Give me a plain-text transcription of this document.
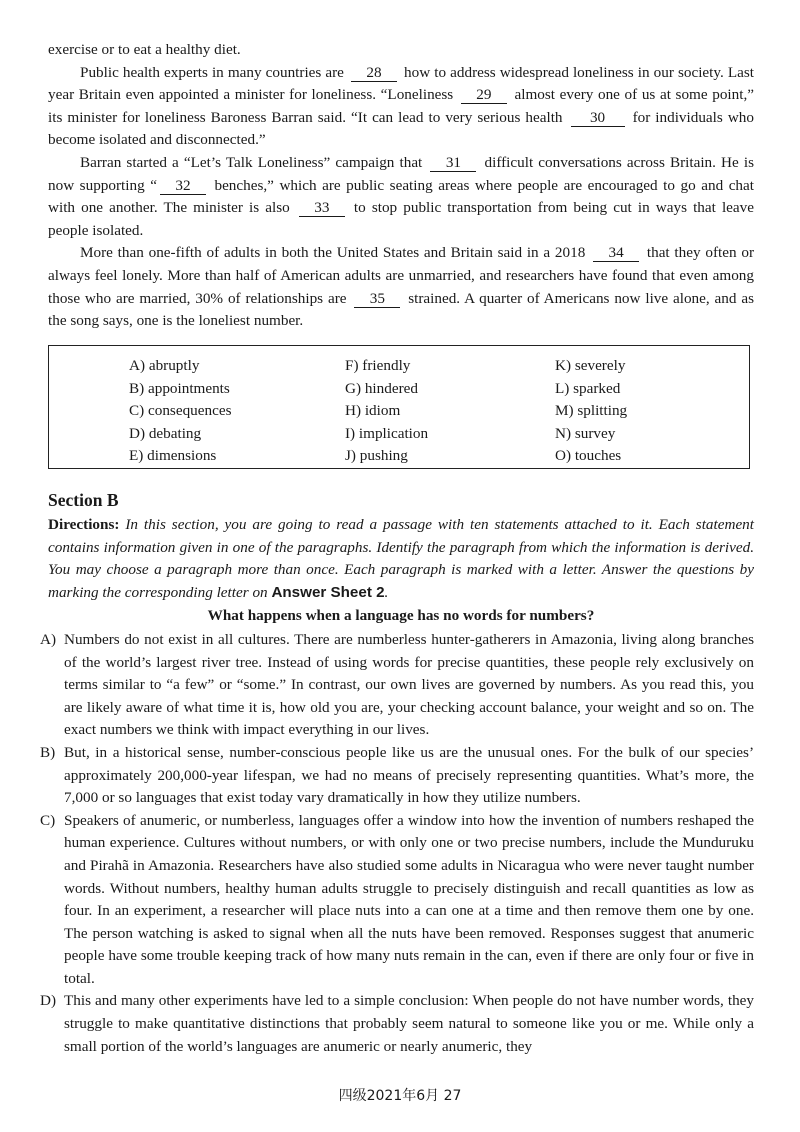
exercise or to eat a healthy diet.

Public health experts in many countries are 28 how to address widespread loneliness in our society. Last year Britain even appointed a minister for loneliness. “Loneliness 29 almost every one of us at some point,” its minister for loneliness Baroness Barran said. “It can lead to very serious health 30 for individuals who become isolated and disconnected.”

Barran started a “Let’s Talk Loneliness” campaign that 31 difficult conversations across Britain. He is now supporting “ 32 benches,” which are public seating areas where people are encouraged to go and chat with one another. The minister is also 33 to stop public transportation from being cut in ways that leave people isolated.

More than one-fifth of adults in both the United States and Britain said in a 2018 34 that they often or always feel lonely. More than half of American adults are unmarried, and researchers have found that even among those who are married, 30% of relationships are 35 strained. A quarter of Americans now live alone, and as the song says, one is the loneliest number.

A) abruptly
B) appointments
C) consequences
D) debating
E) dimensions
F) friendly
G) hindered
H) idiom
I) implication
J) pushing
K) severely
L) sparked
M) splitting
N) survey
O) touches
Section B
Directions: In this section, you are going to read a passage with ten statements attached to it. Each statement contains information given in one of the paragraphs. Identify the paragraph from which the information is derived. You may choose a paragraph more than once. Each paragraph is marked with a letter. Answer the questions by marking the corresponding letter on Answer Sheet 2.
What happens when a language has no words for numbers?
A) Numbers do not exist in all cultures. There are numberless hunter-gatherers in Amazonia, living along branches of the world’s largest river tree. Instead of using words for precise quantities, these people rely exclusively on terms similar to “a few” or “some.” In contrast, our own lives are governed by numbers. As you read this, you are likely aware of what time it is, how old you are, your checking account balance, your weight and so on. The exact numbers we think with impact everything in our lives.
B) But, in a historical sense, number-conscious people like us are the unusual ones. For the bulk of our species’ approximately 200,000-year lifespan, we had no means of precisely representing quantities. What’s more, the 7,000 or so languages that exist today vary dramatically in how they utilize numbers.
C) Speakers of anumeric, or numberless, languages offer a window into how the invention of numbers reshaped the human experience. Cultures without numbers, or with only one or two precise numbers, include the Munduruku and Pirahã in Amazonia. Researchers have also studied some adults in Nicaragua who were never taught number words. Without numbers, healthy human adults struggle to precisely distinguish and recall quantities as low as four. In an experiment, a researcher will place nuts into a can one at a time and then remove them one by one. The person watching is asked to signal when all the nuts have been removed. Responses suggest that anumeric people have some trouble keeping track of how many nuts remain in the can, even if there are only four or five in total.
D) This and many other experiments have led to a simple conclusion: When people do not have number words, they struggle to make quantitative distinctions that probably seem natural to someone like you or me. While only a small portion of the world’s languages are anumeric or nearly anumeric, they
四级2021年6月 27
